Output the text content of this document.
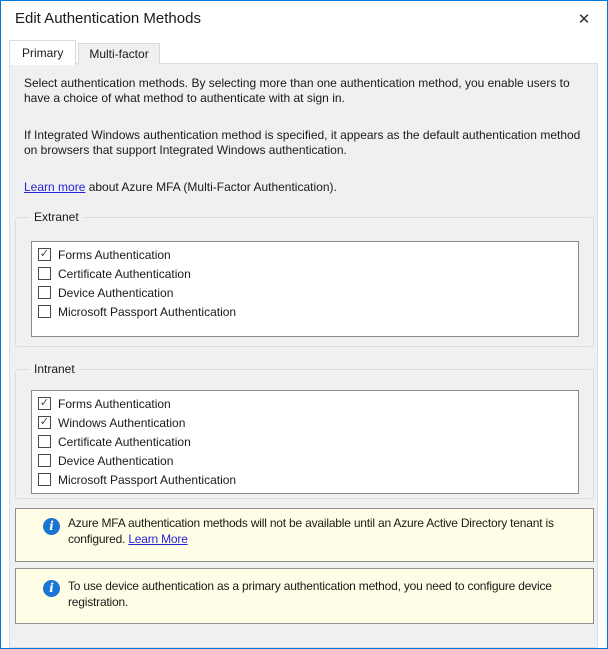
Edit Authentication Methods	✕
Primary Multi-factor
Select authentication methods. By selecting more than one authentication method, you enable users to have a choice of what method to authenticate with at sign in.
If Integrated Windows authentication method is specified, it appears as the default authentication method on browsers that support Integrated Windows authentication.
Learn more about Azure MFA (Multi-Factor Authentication).
Extranet
✓ Forms Authentication
Certificate Authentication
Device Authentication
Microsoft Passport Authentication
Intranet
✓ Forms Authentication
✓ Windows Authentication
Certificate Authentication
Device Authentication
Microsoft Passport Authentication
i	Azure MFA authentication methods will not be available until an Azure Active Directory tenant is configured. Learn More
i	To use device authentication as a primary authentication method, you need to configure device registration.
